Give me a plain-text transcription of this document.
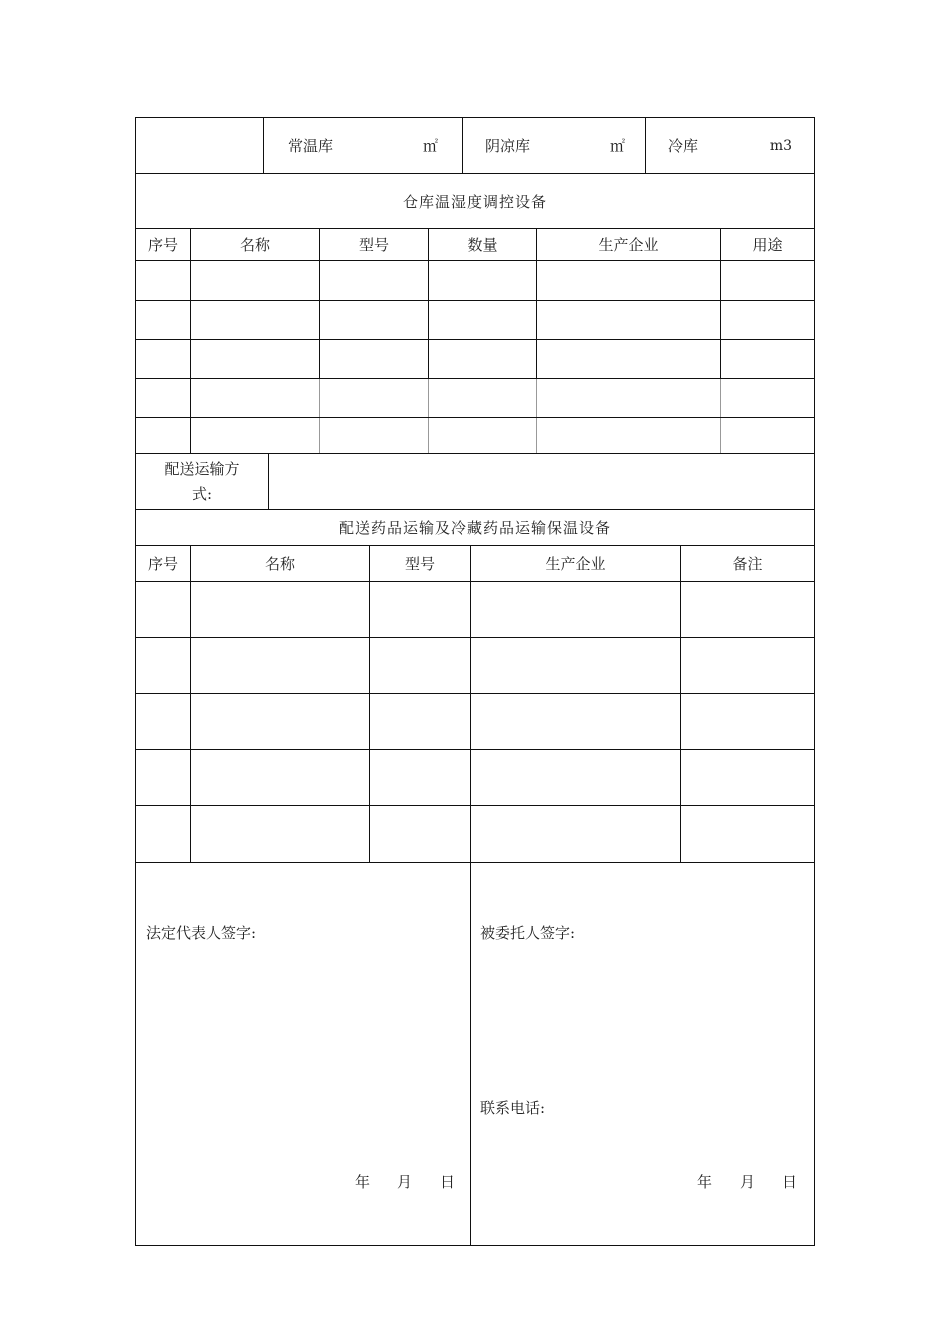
常温库	㎡	阴凉库	㎡	冷库	m3
仓库温湿度调控设备
序号	名称	型号	数量	生产企业	用途
配送运输方
式:
配送药品运输及冷藏药品运输保温设备
序号	名称	型号	生产企业	备注
法定代表人签字:
年 月 日
被委托人签字:
联系电话:
年 月 日
